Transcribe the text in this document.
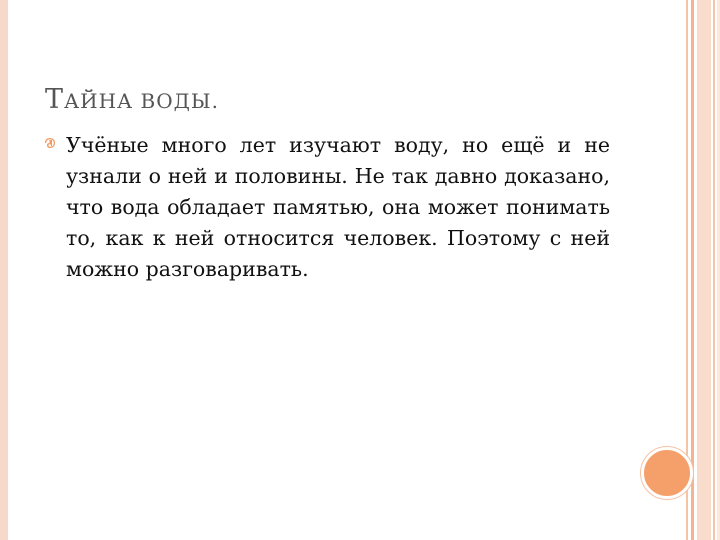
ТАЙНА ВОДЫ.

Учёные много лет изучают воду, но ещё и не узнали о ней и половины. Не так давно доказано, что вода обладает памятью, она может понимать то, как к ней относится человек. Поэтому с ней можно разговаривать.
